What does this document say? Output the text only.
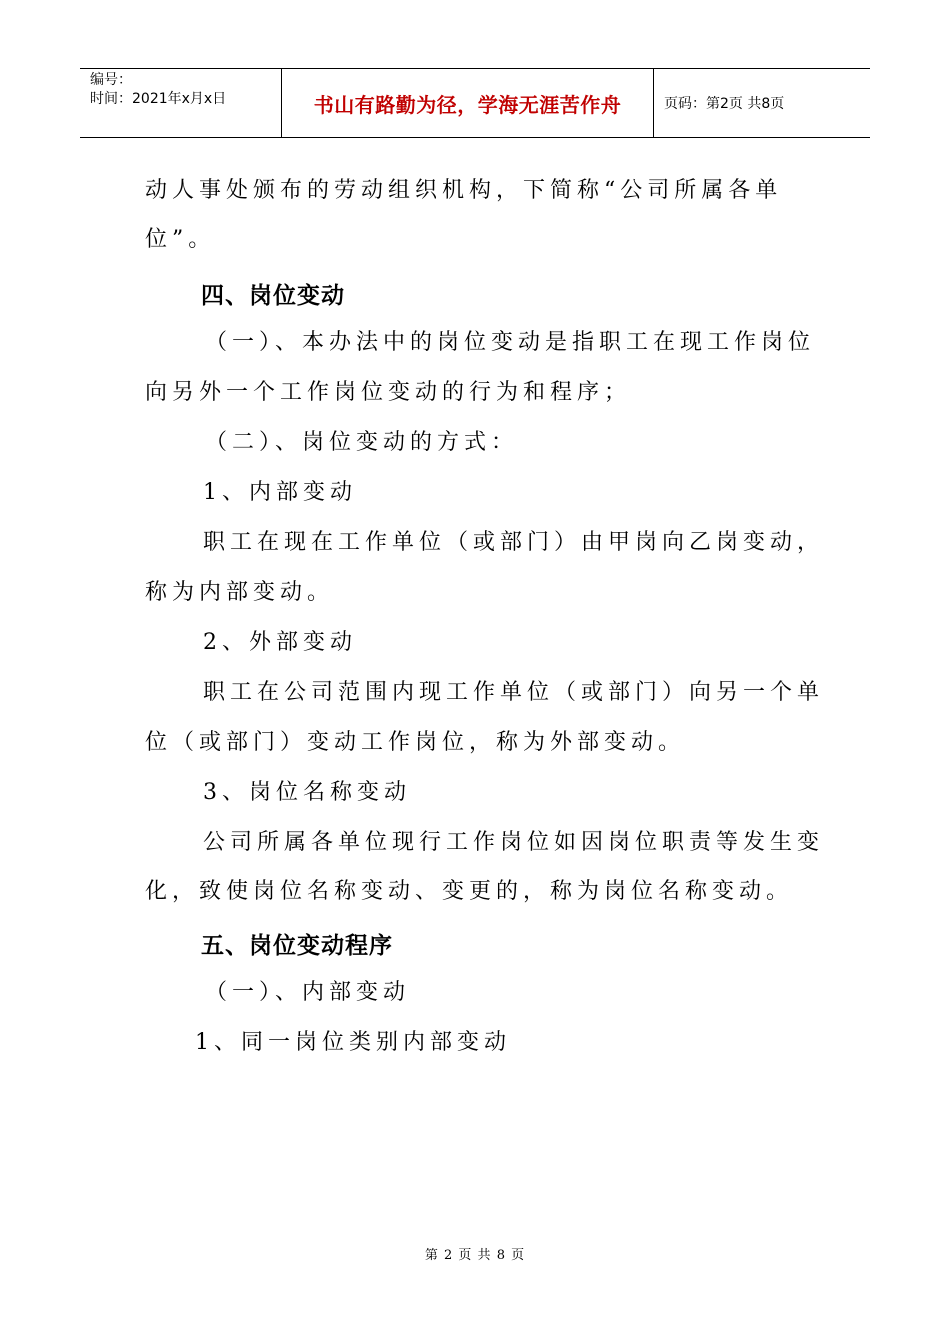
编号：
时间：2021年x月x日	书山有路勤为径，学海无涯苦作舟	页码：第2页 共8页
动人事处颁布的劳动组织机构，下简称“公司所属各单
位”。
四、岗位变动
（一）、本办法中的岗位变动是指职工在现工作岗位
向另外一个工作岗位变动的行为和程序；
（二）、岗位变动的方式：
1、内部变动
职工在现在工作单位（或部门）由甲岗向乙岗变动，
称为内部变动。
2、外部变动
职工在公司范围内现工作单位（或部门）向另一个单
位（或部门）变动工作岗位，称为外部变动。
3、岗位名称变动
公司所属各单位现行工作岗位如因岗位职责等发生变
化，致使岗位名称变动、变更的，称为岗位名称变动。
五、岗位变动程序
（一）、内部变动
1、同一岗位类别内部变动
第 2 页 共 8 页
